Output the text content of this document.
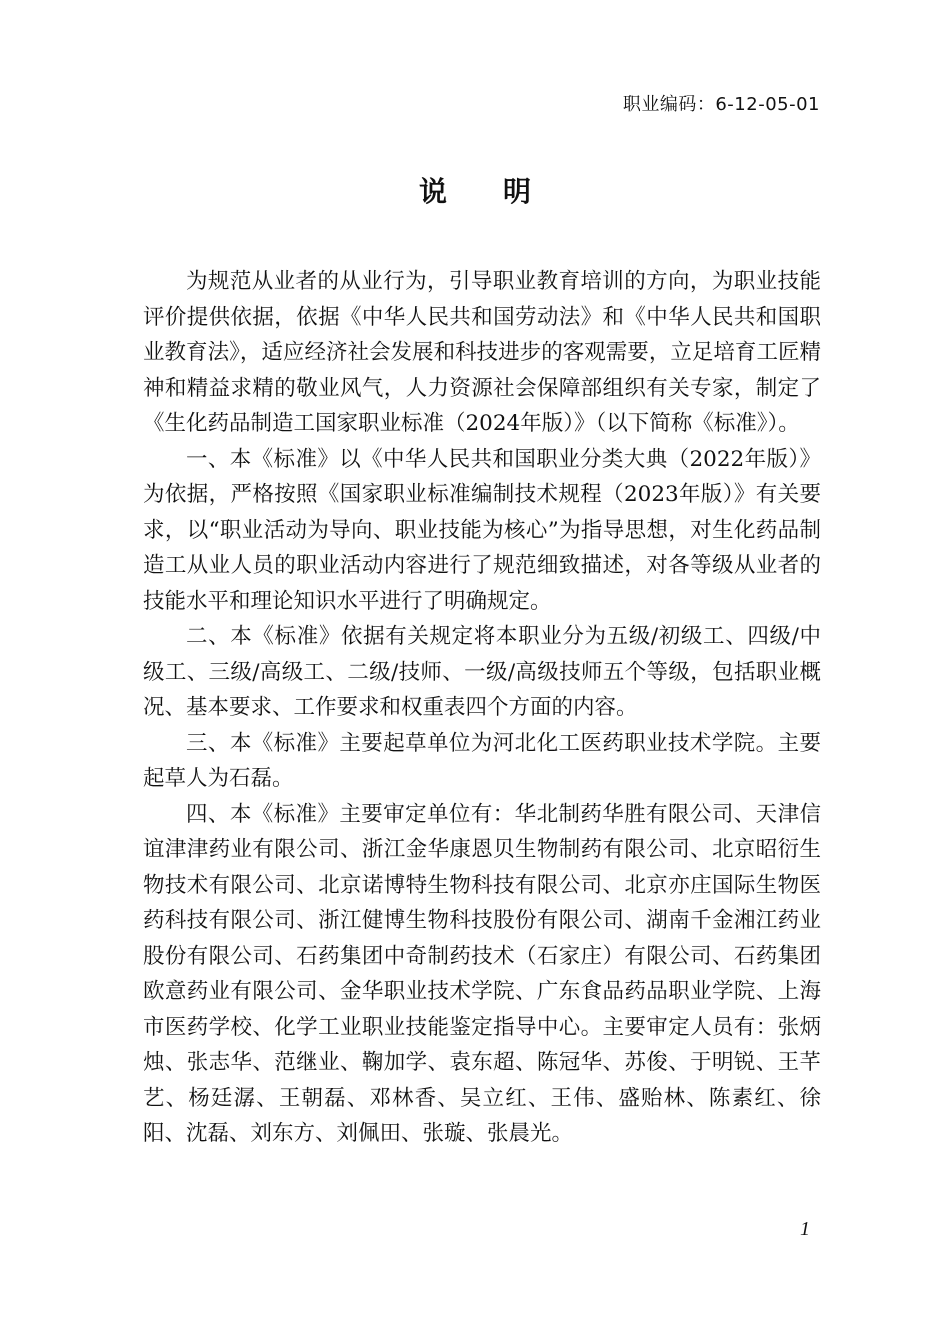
职业编码：6-12-05-01
说明

为规范从业者的从业行为，引导职业教育培训的方向，为职业技能评价提供依据，依据《中华人民共和国劳动法》和《中华人民共和国职业教育法》，适应经济社会发展和科技进步的客观需要，立足培育工匠精神和精益求精的敬业风气，人力资源社会保障部组织有关专家，制定了《生化药品制造工国家职业标准（2024年版）》（以下简称《标准》）。

一、本《标准》以《中华人民共和国职业分类大典（2022年版）》为依据，严格按照《国家职业标准编制技术规程（2023年版）》有关要求，以“职业活动为导向、职业技能为核心”为指导思想，对生化药品制造工从业人员的职业活动内容进行了规范细致描述，对各等级从业者的技能水平和理论知识水平进行了明确规定。

二、本《标准》依据有关规定将本职业分为五级/初级工、四级/中级工、三级/高级工、二级/技师、一级/高级技师五个等级，包括职业概况、基本要求、工作要求和权重表四个方面的内容。

三、本《标准》主要起草单位为河北化工医药职业技术学院。主要起草人为石磊。

四、本《标准》主要审定单位有：华北制药华胜有限公司、天津信谊津津药业有限公司、浙江金华康恩贝生物制药有限公司、北京昭衍生物技术有限公司、北京诺博特生物科技有限公司、北京亦庄国际生物医药科技有限公司、浙江健博生物科技股份有限公司、湖南千金湘江药业股份有限公司、石药集团中奇制药技术（石家庄）有限公司、石药集团欧意药业有限公司、金华职业技术学院、广东食品药品职业学院、上海市医药学校、化学工业职业技能鉴定指导中心。主要审定人员有：张炳烛、张志华、范继业、鞠加学、袁东超、陈冠华、苏俊、于明锐、王芊艺、杨廷潺、王朝磊、邓林香、吴立红、王伟、盛贻林、陈素红、徐阳、沈磊、刘东方、刘佩田、张璇、张晨光。

1
